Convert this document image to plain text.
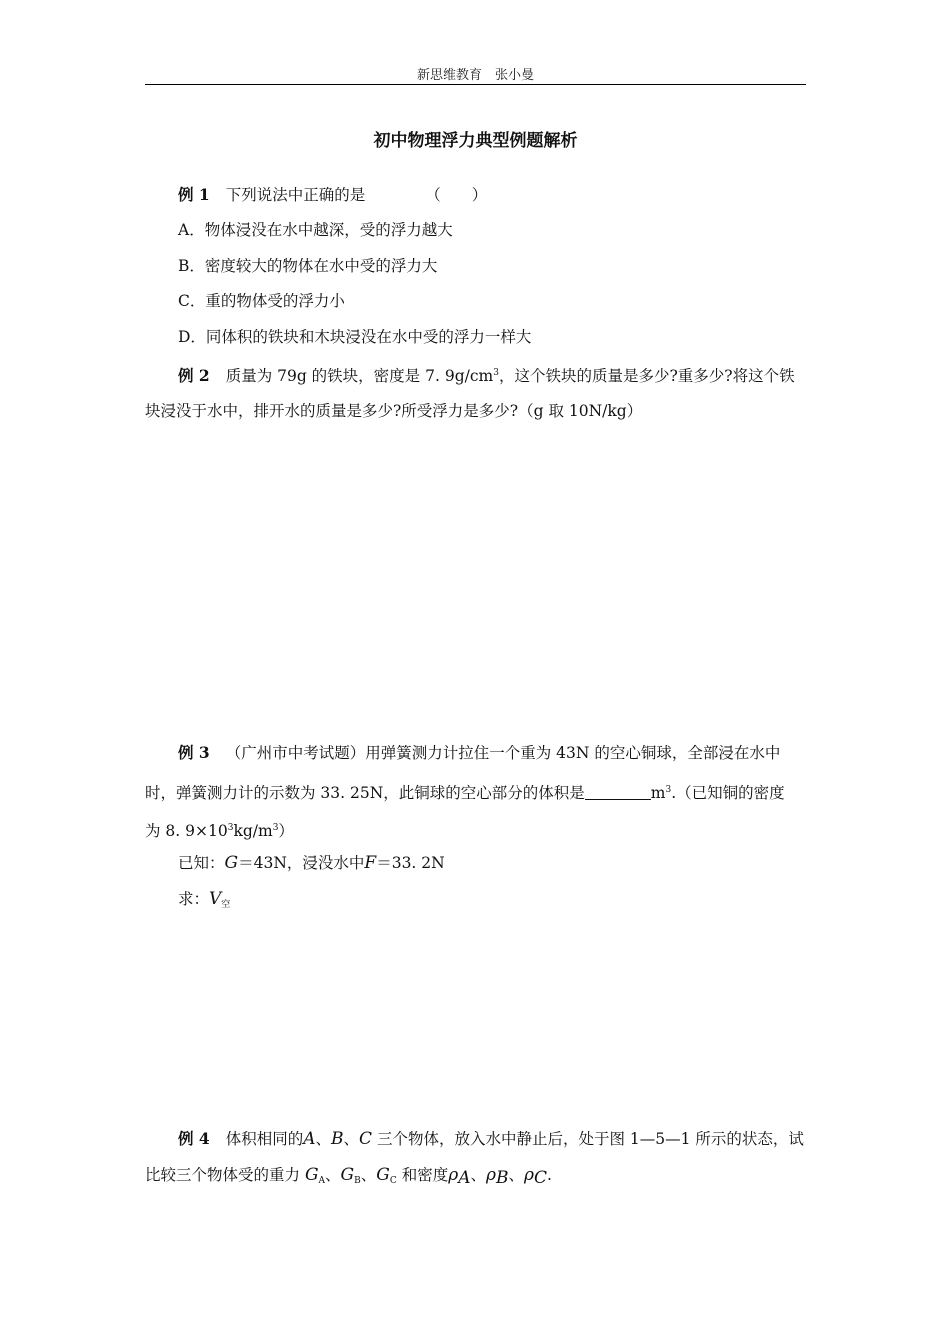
新思维教育　张小曼
初中物理浮力典型例题解析
例 1 下列说法中正确的是	（　　）
A．物体浸没在水中越深，受的浮力越大
B．密度较大的物体在水中受的浮力大
C．重的物体受的浮力小
D．同体积的铁块和木块浸没在水中受的浮力一样大
例 2 质量为 79g 的铁块，密度是 7. $9g/cm^3$，这个铁块的质量是多少?重多少?将这个铁
块浸没于水中，排开水的质量是多少?所受浮力是多少?（g 取 10N/kg）
例 3 （广州市中考试题）用弹簧测力计拉住一个重为 43N 的空心铜球，全部浸在水中
时，弹簧测力计的示数为 33. 25N，此铜球的空心部分的体积是	$m^3$.（已知铜的密度
为 8. $9\times 10^3kg/m^3$）
已知：G＝43N，浸没水中F＝33. 2N
求：$V_空$
例 4 体积相同的A、B、C 三个物体，放入水中静止后，处于图 1—5—1 所示的状态，试
比较三个物体受的重力 $G_A$、$G_B$、$G_C$ 和密度ρA、ρB、ρC.
